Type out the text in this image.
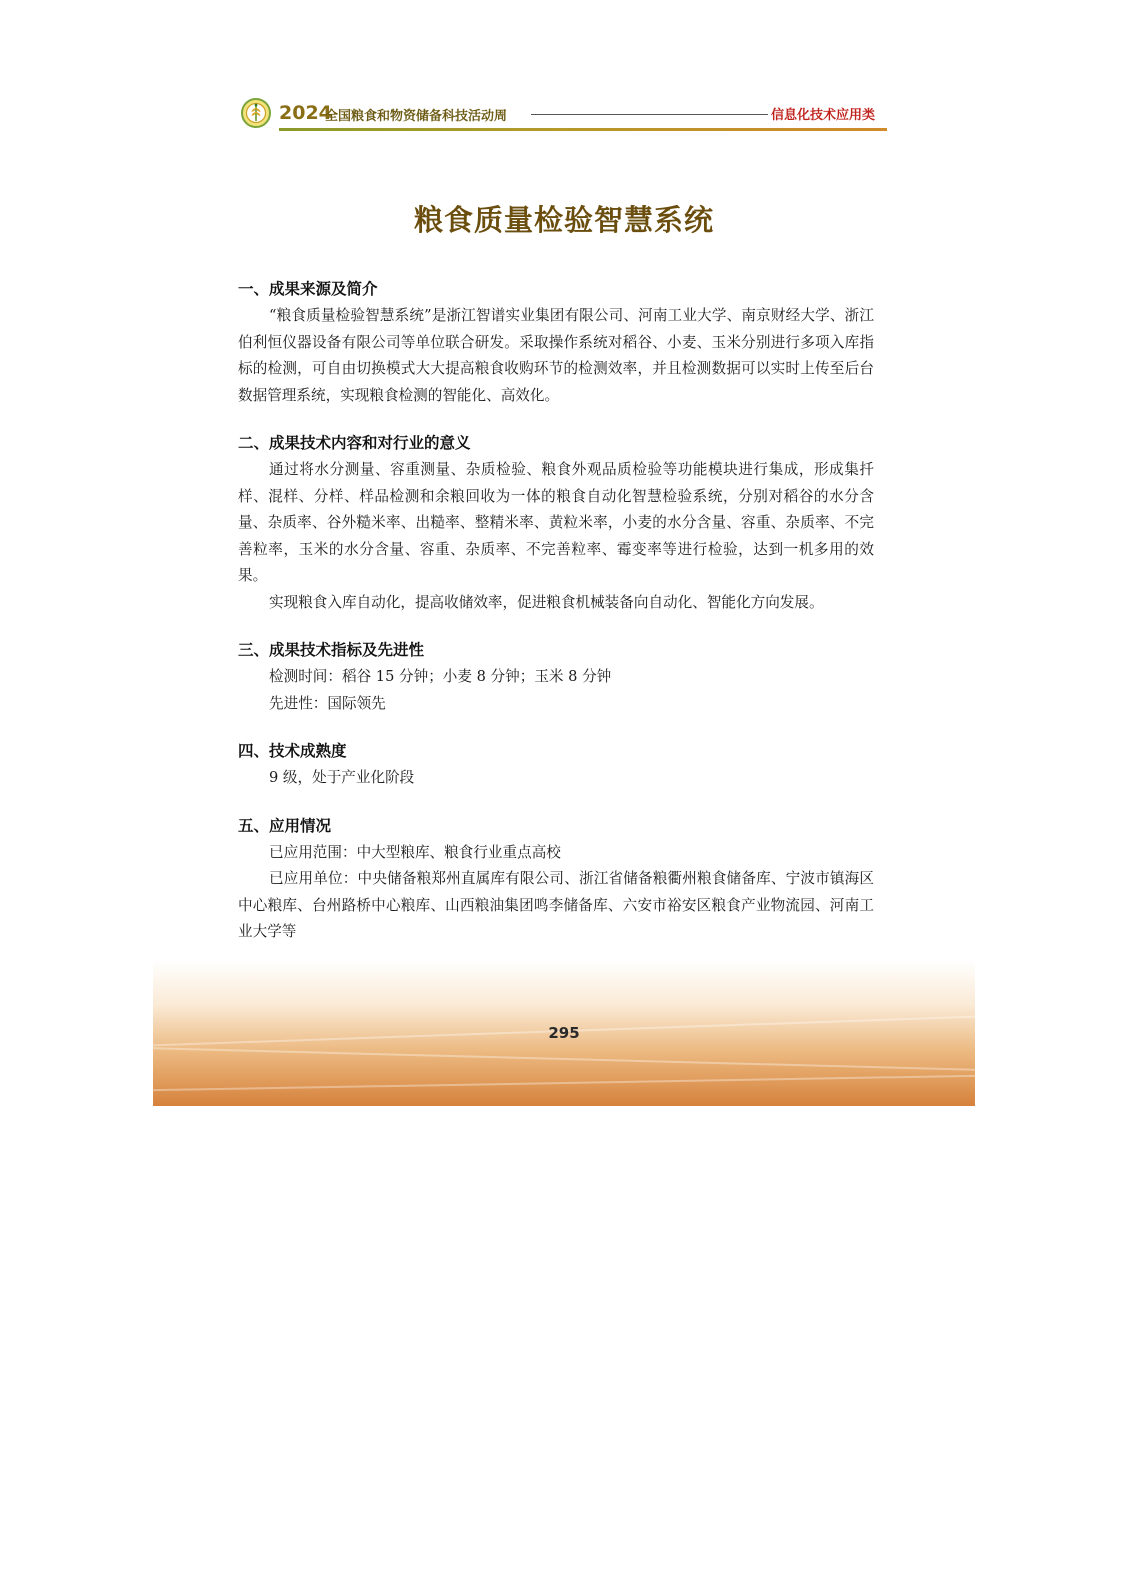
2024
全国粮食和物资储备科技活动周	信息化技术应用类
粮食质量检验智慧系统
一、成果来源及简介

“粮食质量检验智慧系统”是浙江智谱实业集团有限公司、河南工业大学、南京财经大学、浙江伯利恒仪器设备有限公司等单位联合研发。采取操作系统对稻谷、小麦、玉米分别进行多项入库指标的检测，可自由切换模式大大提高粮食收购环节的检测效率，并且检测数据可以实时上传至后台数据管理系统，实现粮食检测的智能化、高效化。

二、成果技术内容和对行业的意义

通过将水分测量、容重测量、杂质检验、粮食外观品质检验等功能模块进行集成，形成集扦样、混样、分样、样品检测和余粮回收为一体的粮食自动化智慧检验系统，分别对稻谷的水分含量、杂质率、谷外糙米率、出糙率、整精米率、黄粒米率，小麦的水分含量、容重、杂质率、不完善粒率，玉米的水分含量、容重、杂质率、不完善粒率、霉变率等进行检验，达到一机多用的效果。

实现粮食入库自动化，提高收储效率，促进粮食机械装备向自动化、智能化方向发展。

三、成果技术指标及先进性

检测时间：稻谷 15 分钟；小麦 8 分钟；玉米 8 分钟

先进性：国际领先

四、技术成熟度

9 级，处于产业化阶段

五、应用情况

已应用范围：中大型粮库、粮食行业重点高校

已应用单位：中央储备粮郑州直属库有限公司、浙江省储备粮衢州粮食储备库、宁波市镇海区中心粮库、台州路桥中心粮库、山西粮油集团鸣李储备库、六安市裕安区粮食产业物流园、河南工业大学等

295
